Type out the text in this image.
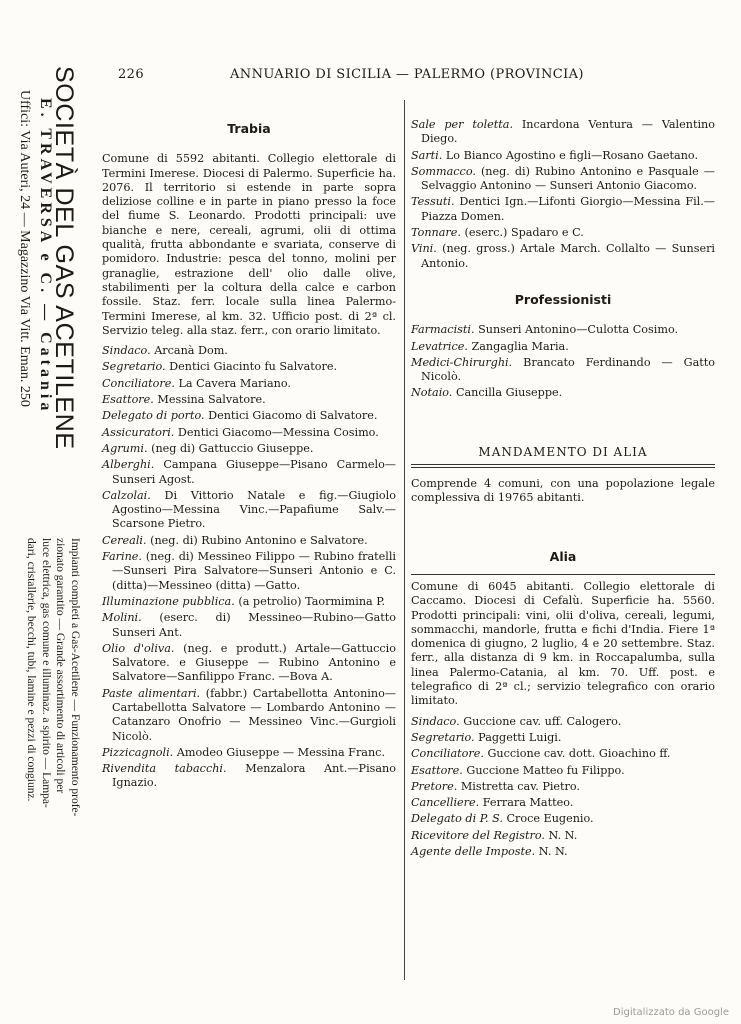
226	ANNUARIO DI SICILIA — PALERMO (PROVINCIA)
SOCIETÀ DEL GAS ACETILENE
E. TRAVERSA e C. — Catania
Uffici: Via Auteri, 24 — Magazzino Via Vitt. Eman. 250
Impianti completi a Gas-Acetilene — Funzionamento profe-
zionato garantito — Grande assortimento di articoli per
luce elettrica, gas comune e illuminaz. a spirito — Lampa-
dari, cristallerie, becchi, tubi, lamine e pezzi di congiunz.
Trabia

Comune di 5592 abitanti. Collegio elettorale di Termini Imerese. Diocesi di Palermo. Superficie ha. 2076. Il territorio si estende in parte sopra deliziose colline e in parte in piano presso la foce del fiume S. Leonardo. Prodotti principali: uve bianche e nere, cereali, agrumi, olii di ottima qualità, frutta abbondante e svariata, conserve di pomidoro. Industrie: pesca del tonno, molini per granaglie, estrazione dell' olio dalle olive, stabilimenti per la coltura della calce e carbon fossile. Staz. ferr. locale sulla linea Palermo-Termini Imerese, al km. 32. Ufficio post. di 2ª cl. Servizio teleg. alla staz. ferr., con orario limitato.

Sindaco. Arcanà Dom.
Segretario. Dentici Giacinto fu Salvatore.
Conciliatore. La Cavera Mariano.
Esattore. Messina Salvatore.
Delegato di porto. Dentici Giacomo di Salvatore.
Assicuratori. Dentici Giacomo—Messina Cosimo.
Agrumi. (neg di) Gattuccio Giuseppe.
Alberghi. Campana Giuseppe—Pisano Carmelo—Sunseri Agost.
Calzolai. Di Vittorio Natale e fig.—Giugiolo Agostino—Messina Vinc.—Papafiume Salv.—Scarsone Pietro.
Cereali. (neg. di) Rubino Antonino e Salvatore.
Farine. (neg. di) Messineo Filippo — Rubino fratelli—Sunseri Pira Salvatore—Sunseri Antonio e C. (ditta)—Messineo (ditta) —Gatto.
Illuminazione pubblica. (a petrolio) Taormimina P.
Molini. (eserc. di) Messineo—Rubino—Gatto Sunseri Ant.
Olio d'oliva. (neg. e produtt.) Artale—Gattuccio Salvatore. e Giuseppe — Rubino Antonino e Salvatore—Sanfilippo Franc. —Bova A.
Paste alimentari. (fabbr.) Cartabellotta Antonino—Cartabellotta Salvatore — Lombardo Antonino — Catanzaro Onofrio — Messineo Vinc.—Gurgioli Nicolò.
Pizzicagnoli. Amodeo Giuseppe — Messina Franc.
Rivendita tabacchi. Menzalora Ant.—Pisano Ignazio.
Sale per toletta. Incardona Ventura — Valentino Diego.
Sarti. Lo Bianco Agostino e figli—Rosano Gaetano.
Sommacco. (neg. di) Rubino Antonino e Pasquale — Selvaggio Antonino — Sunseri Antonio Giacomo.
Tessuti. Dentici Ign.—Lifonti Giorgio—Messina Fil.—Piazza Domen.
Tonnare. (eserc.) Spadaro e C.
Vini. (neg. gross.) Artale March. Collalto — Sunseri Antonio.
Professionisti
Farmacisti. Sunseri Antonino—Culotta Cosimo.
Levatrice. Zangaglia Maria.
Medici-Chirurghi. Brancato Ferdinando — Gatto Nicolò.
Notaio. Cancilla Giuseppe.
MANDAMENTO DI ALIA

Comprende 4 comuni, con una popolazione legale complessiva di 19765 abitanti.

Alia

Comune di 6045 abitanti. Collegio elettorale di Caccamo. Diocesi di Cefalù. Superficie ha. 5560. Prodotti principali: vini, olii d'oliva, cereali, legumi, sommacchi, mandorle, frutta e fichi d'India. Fiere 1ª domenica di giugno, 2 luglio, 4 e 20 settembre. Staz. ferr., alla distanza di 9 km. in Roccapalumba, sulla linea Palermo-Catania, al km. 70. Uff. post. e telegrafico di 2ª cl.; servizio telegrafico con orario limitato.

Sindaco. Guccione cav. uff. Calogero.
Segretario. Paggetti Luigi.
Conciliatore. Guccione cav. dott. Gioachino ff.
Esattore. Guccione Matteo fu Filippo.
Pretore. Mistretta cav. Pietro.
Cancelliere. Ferrara Matteo.
Delegato di P. S. Croce Eugenio.
Ricevitore del Registro. N. N.
Agente delle Imposte. N. N.
Digitalizzato da Google
